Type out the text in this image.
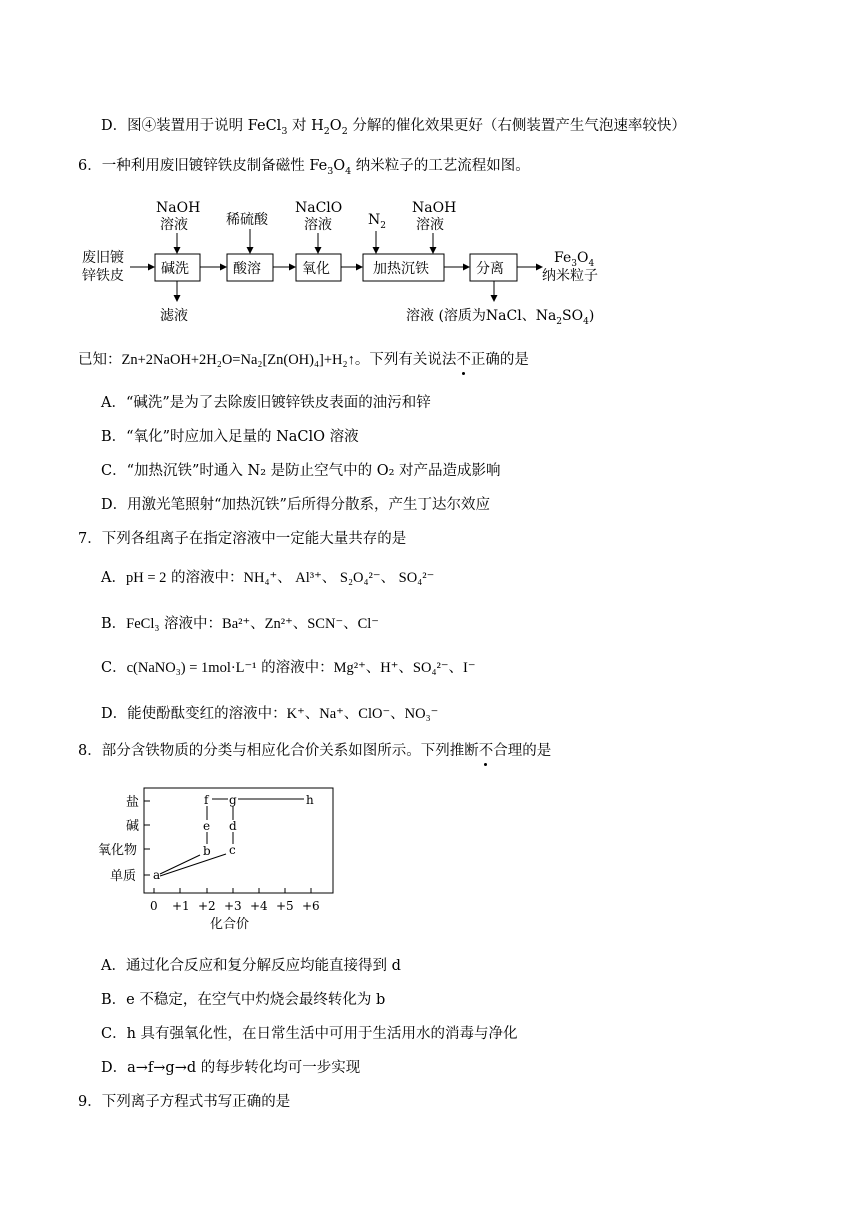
D．图④装置用于说明 FeCl$_3$ 对 $H_2O_2$ 分解的催化效果更好（右侧装置产生气泡速率较快）
6．一种利用废旧镀锌铁皮制备磁性 $Fe_3O_4$ 纳米粒子的工艺流程如图。
废旧镀
锌铁皮	碱洗
NaOH
溶液
滤液
酸溶
稀硫酸
氧化
NaClO
溶液
加热沉铁
$N_2$
NaOH
溶液
分离
溶液 (溶质为NaCl、$Na_2SO_4$)
$Fe_3O_4$
纳米粒子
已知：Zn+2NaOH+2H₂O=Na₂[Zn(OH)₄]+H₂↑。下列有关说法不正确的是
A．“碱洗”是为了去除废旧镀锌铁皮表面的油污和锌
B．“氧化”时应加入足量的 NaClO 溶液
C．“加热沉铁”时通入 N₂ 是防止空气中的 O₂ 对产品造成影响
D．用激光笔照射“加热沉铁”后所得分散系，产生丁达尔效应
7．下列各组离子在指定溶液中一定能大量共存的是
A．pH = 2 的溶液中：NH₄⁺、 Al³⁺、 S₂O₄²⁻、 SO₄²⁻
B．FeCl₃ 溶液中：Ba²⁺、Zn²⁺、SCN⁻、Cl⁻
C．c(NaNO₃) = 1mol·L⁻¹ 的溶液中：Mg²⁺、H⁺、SO₄²⁻、I⁻
D．能使酚酞变红的溶液中：K⁺、Na⁺、ClO⁻、NO₃⁻
8．部分含铁物质的分类与相应化合价关系如图所示。下列推断不合理的是
盐
碱
氧化物
单质
0 +1 +2 +3 +4 +5 +6
化合价
a
b c
d
e
f g	h
A．通过化合反应和复分解反应均能直接得到 d
B．e 不稳定，在空气中灼烧会最终转化为 b
C．h 具有强氧化性，在日常生活中可用于生活用水的消毒与净化
D．a→f→g→d 的每步转化均可一步实现
9．下列离子方程式书写正确的是
